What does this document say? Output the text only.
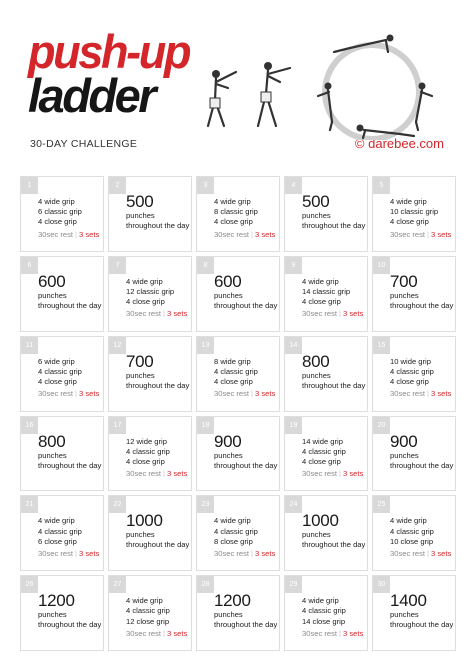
push-up
ladder
30-DAY CHALLENGE	© darebee.com
1
4 wide grip
6 classic grip
4 close grip
30sec rest | 3 sets
2
500
punches
throughout the day
3
4 wide grip
8 classic grip
4 close grip
30sec rest | 3 sets
4
500
punches
throughout the day
5
4 wide grip
10 classic grip
4 close grip
30sec rest | 3 sets
6
600
punches
throughout the day
7
4 wide grip
12 classic grip
4 close grip
30sec rest | 3 sets
8
600
punches
throughout the day
9
4 wide grip
14 classic grip
4 close grip
30sec rest | 3 sets
10
700
punches
throughout the day
11
6 wide grip
4 classic grip
4 close grip
30sec rest | 3 sets
12
700
punches
throughout the day
13
8 wide grip
4 classic grip
4 close grip
30sec rest | 3 sets
14
800
punches
throughout the day
15
10 wide grip
4 classic grip
4 close grip
30sec rest | 3 sets
16
800
punches
throughout the day
17
12 wide grip
4 classic grip
4 close grip
30sec rest | 3 sets
18
900
punches
throughout the day
19
14 wide grip
4 classic grip
4 close grip
30sec rest | 3 sets
20
900
punches
throughout the day
21
4 wide grip
4 classic grip
6 close grip
30sec rest | 3 sets
22
1000
punches
throughout the day
23
4 wide grip
4 classic grip
8 close grip
30sec rest | 3 sets
24
1000
punches
throughout the day
25
4 wide grip
4 classic grip
10 close grip
30sec rest | 3 sets
26
1200
punches
throughout the day
27
4 wide grip
4 classic grip
12 close grip
30sec rest | 3 sets
28
1200
punches
throughout the day
29
4 wide grip
4 classic grip
14 close grip
30sec rest | 3 sets
30
1400
punches
throughout the day
